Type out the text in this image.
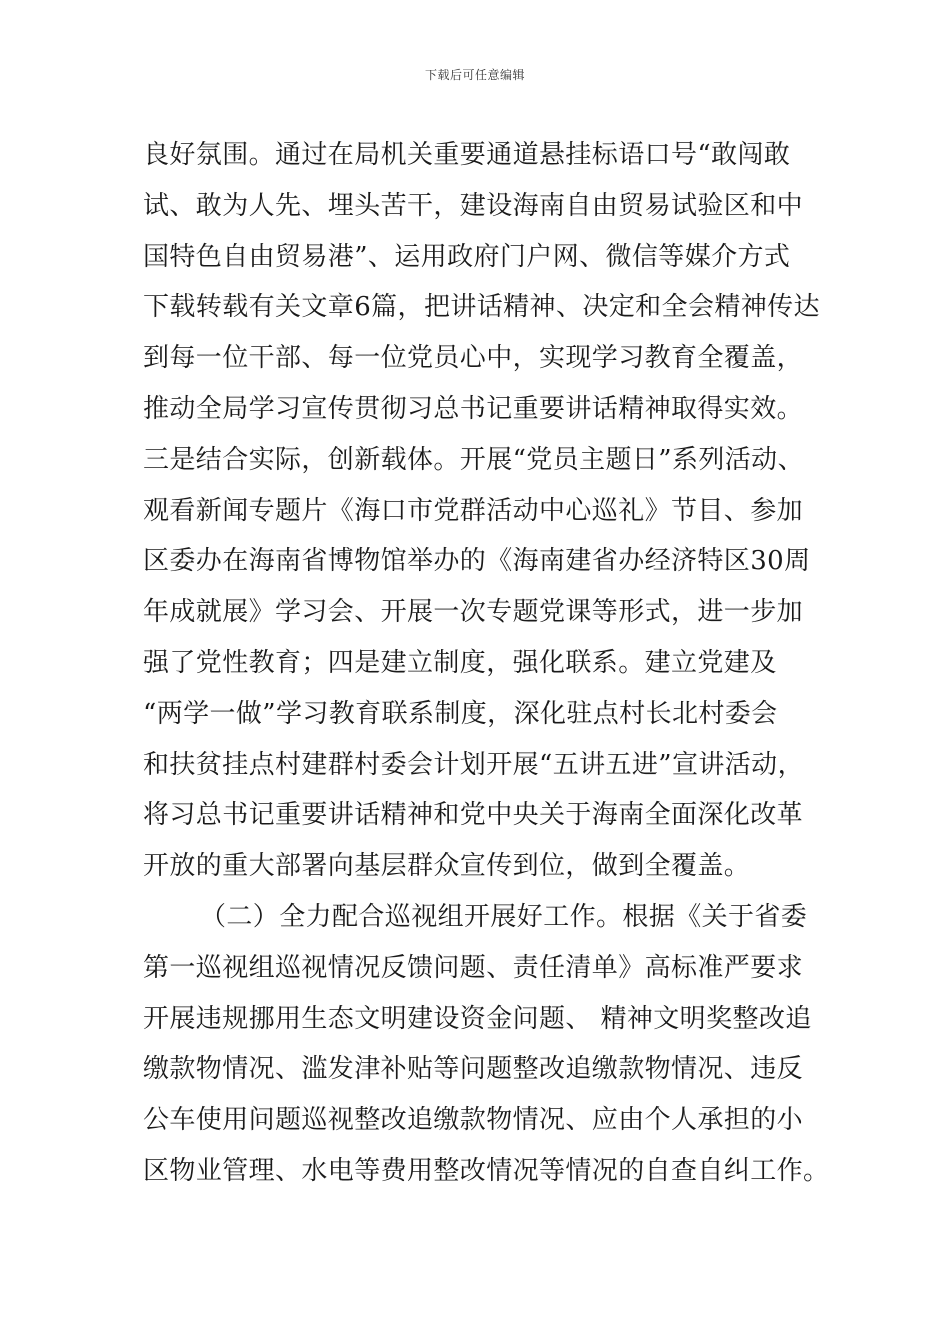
下载后可任意编辑
良好氛围。通过在局机关重要通道悬挂标语口号“敢闯敢
试、敢为人先、埋头苦干，建设海南自由贸易试验区和中
国特色自由贸易港”、运用政府门户网、微信等媒介方式
下载转载有关文章6篇，把讲话精神、决定和全会精神传达
到每一位干部、每一位党员心中，实现学习教育全覆盖，
推动全局学习宣传贯彻习总书记重要讲话精神取得实效。
三是结合实际，创新载体。开展“党员主题日”系列活动、
观看新闻专题片《海口市党群活动中心巡礼》节目、参加
区委办在海南省博物馆举办的《海南建省办经济特区30周
年成就展》学习会、开展一次专题党课等形式，进一步加
强了党性教育；四是建立制度，强化联系。建立党建及
“两学一做”学习教育联系制度，深化驻点村长北村委会
和扶贫挂点村建群村委会计划开展“五讲五进”宣讲活动，
将习总书记重要讲话精神和党中央关于海南全面深化改革
开放的重大部署向基层群众宣传到位，做到全覆盖。
（二）全力配合巡视组开展好工作。根据《关于省委
第一巡视组巡视情况反馈问题、责任清单》高标准严要求
开展违规挪用生态文明建设资金问题、 精神文明奖整改追
缴款物情况、滥发津补贴等问题整改追缴款物情况、违反
公车使用问题巡视整改追缴款物情况、应由个人承担的小
区物业管理、水电等费用整改情况等情况的自查自纠工作。
